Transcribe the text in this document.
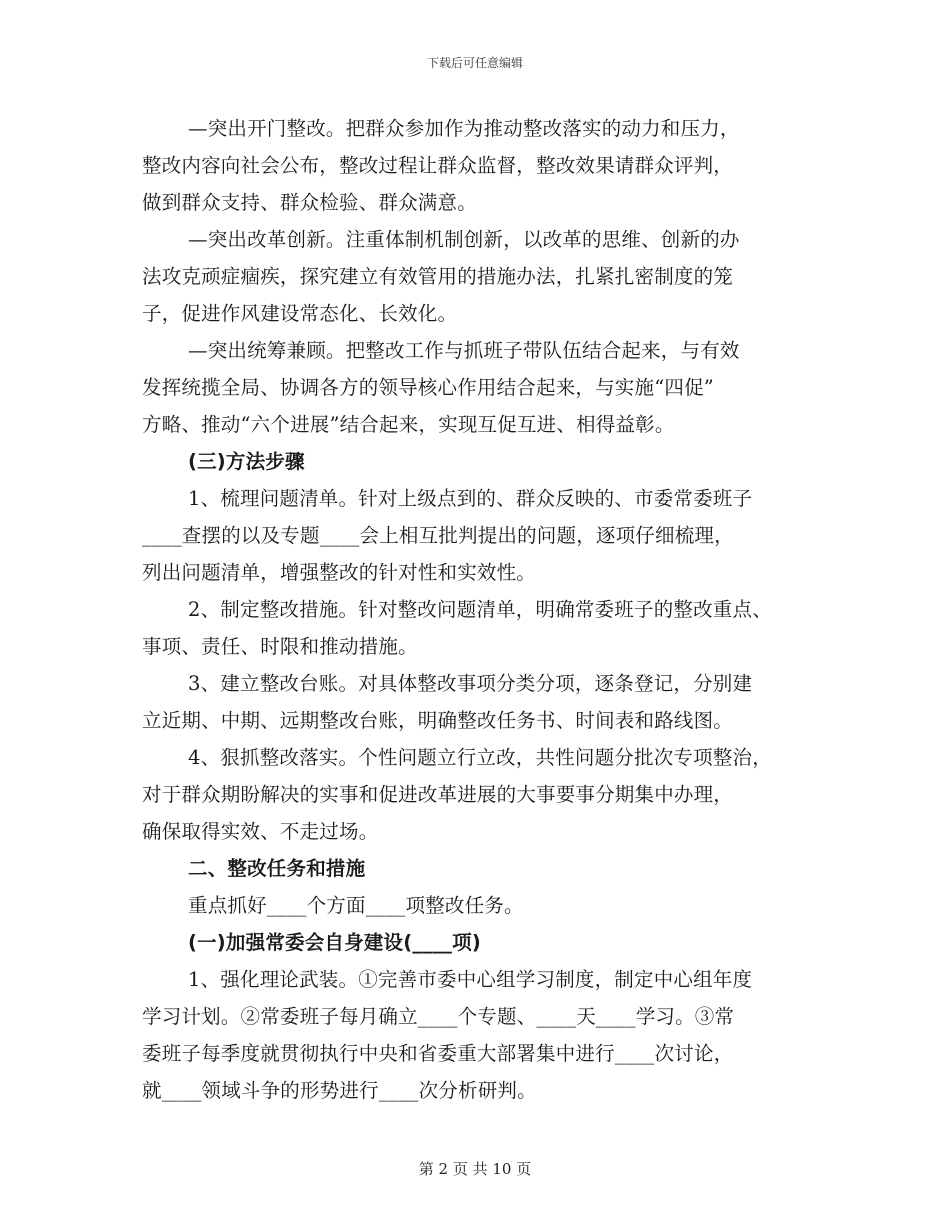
下载后可任意编辑
—突出开门整改。把群众参加作为推动整改落实的动力和压力，
整改内容向社会公布，整改过程让群众监督，整改效果请群众评判，
做到群众支持、群众检验、群众满意。
—突出改革创新。注重体制机制创新，以改革的思维、创新的办
法攻克顽症痼疾，探究建立有效管用的措施办法，扎紧扎密制度的笼
子，促进作风建设常态化、长效化。
—突出统筹兼顾。把整改工作与抓班子带队伍结合起来，与有效
发挥统揽全局、协调各方的领导核心作用结合起来，与实施“四促”
方略、推动“六个进展”结合起来，实现互促互进、相得益彰。
(三)方法步骤
1、梳理问题清单。针对上级点到的、群众反映的、市委常委班子
____查摆的以及专题____会上相互批判提出的问题，逐项仔细梳理，
列出问题清单，增强整改的针对性和实效性。
2、制定整改措施。针对整改问题清单，明确常委班子的整改重点、
事项、责任、时限和推动措施。
3、建立整改台账。对具体整改事项分类分项，逐条登记，分别建
立近期、中期、远期整改台账，明确整改任务书、时间表和路线图。
4、狠抓整改落实。个性问题立行立改，共性问题分批次专项整治，
对于群众期盼解决的实事和促进改革进展的大事要事分期集中办理，
确保取得实效、不走过场。
二、整改任务和措施
重点抓好____个方面____项整改任务。
(一)加强常委会自身建设(____项)
1、强化理论武装。①完善市委中心组学习制度，制定中心组年度
学习计划。②常委班子每月确立____个专题、____天____学习。③常
委班子每季度就贯彻执行中央和省委重大部署集中进行____次讨论，
就____领域斗争的形势进行____次分析研判。
第 2 页 共 10 页
